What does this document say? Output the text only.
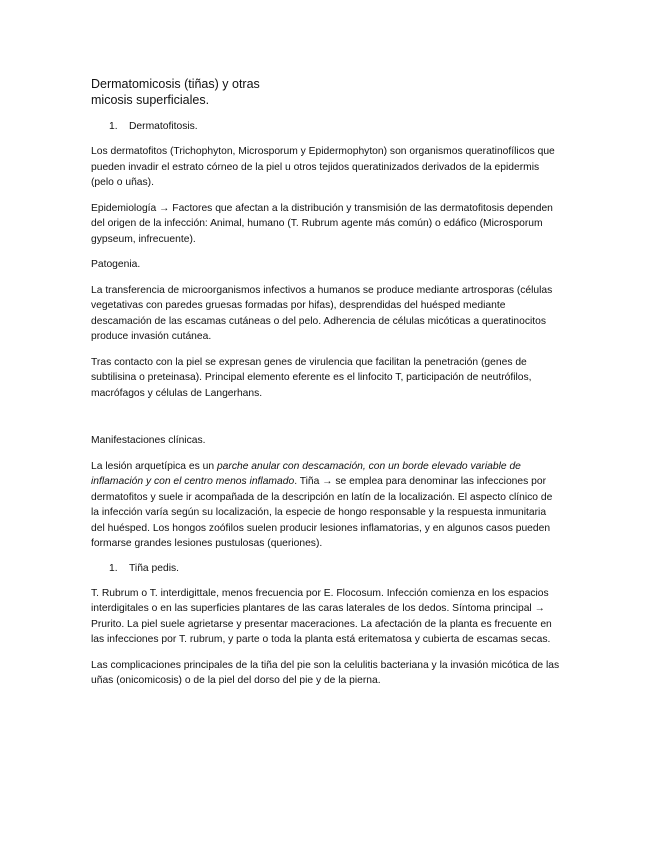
Dermatomicosis (tiñas) y otras
micosis superficiales.
1.	Dermatofitosis.

Los dermatofitos (Trichophyton, Microsporum y Epidermophyton) son organismos queratinofílicos que pueden invadir el estrato córneo de la piel u otros tejidos queratinizados derivados de la epidermis (pelo o uñas).

Epidemiología → Factores que afectan a la distribución y transmisión de las dermatofitosis dependen del origen de la infección: Animal, humano (T. Rubrum agente más común) o edáfico (Microsporum gypseum, infrecuente).

Patogenia.

La transferencia de microorganismos infectivos a humanos se produce mediante artrosporas (células vegetativas con paredes gruesas formadas por hifas), desprendidas del huésped mediante descamación de las escamas cutáneas o del pelo. Adherencia de células micóticas a queratinocitos produce invasión cutánea.

Tras contacto con la piel se expresan genes de virulencia que facilitan la penetración (genes de subtilisina o preteinasa). Principal elemento eferente es el linfocito T, participación de neutrófilos, macrófagos y células de Langerhans.

Manifestaciones clínicas.

La lesión arquetípica es un parche anular con descamación, con un borde elevado variable de inflamación y con el centro menos inflamado. Tiña → se emplea para denominar las infecciones por dermatofitos y suele ir acompañada de la descripción en latín de la localización. El aspecto clínico de la infección varía según su localización, la especie de hongo responsable y la respuesta inmunitaria del huésped. Los hongos zoófilos suelen producir lesiones inflamatorias, y en algunos casos pueden formarse grandes lesiones pustulosas (queriones).

1.	Tiña pedis.

T. Rubrum o T. interdigittale, menos frecuencia por E. Flocosum. Infección comienza en los espacios interdigitales o en las superficies plantares de las caras laterales de los dedos. Síntoma principal → Prurito. La piel suele agrietarse y presentar maceraciones. La afectación de la planta es frecuente en las infecciones por T. rubrum, y parte o toda la planta está eritematosa y cubierta de escamas secas.

Las complicaciones principales de la tiña del pie son la celulitis bacteriana y la invasión micótica de las uñas (onicomicosis) o de la piel del dorso del pie y de la pierna.
